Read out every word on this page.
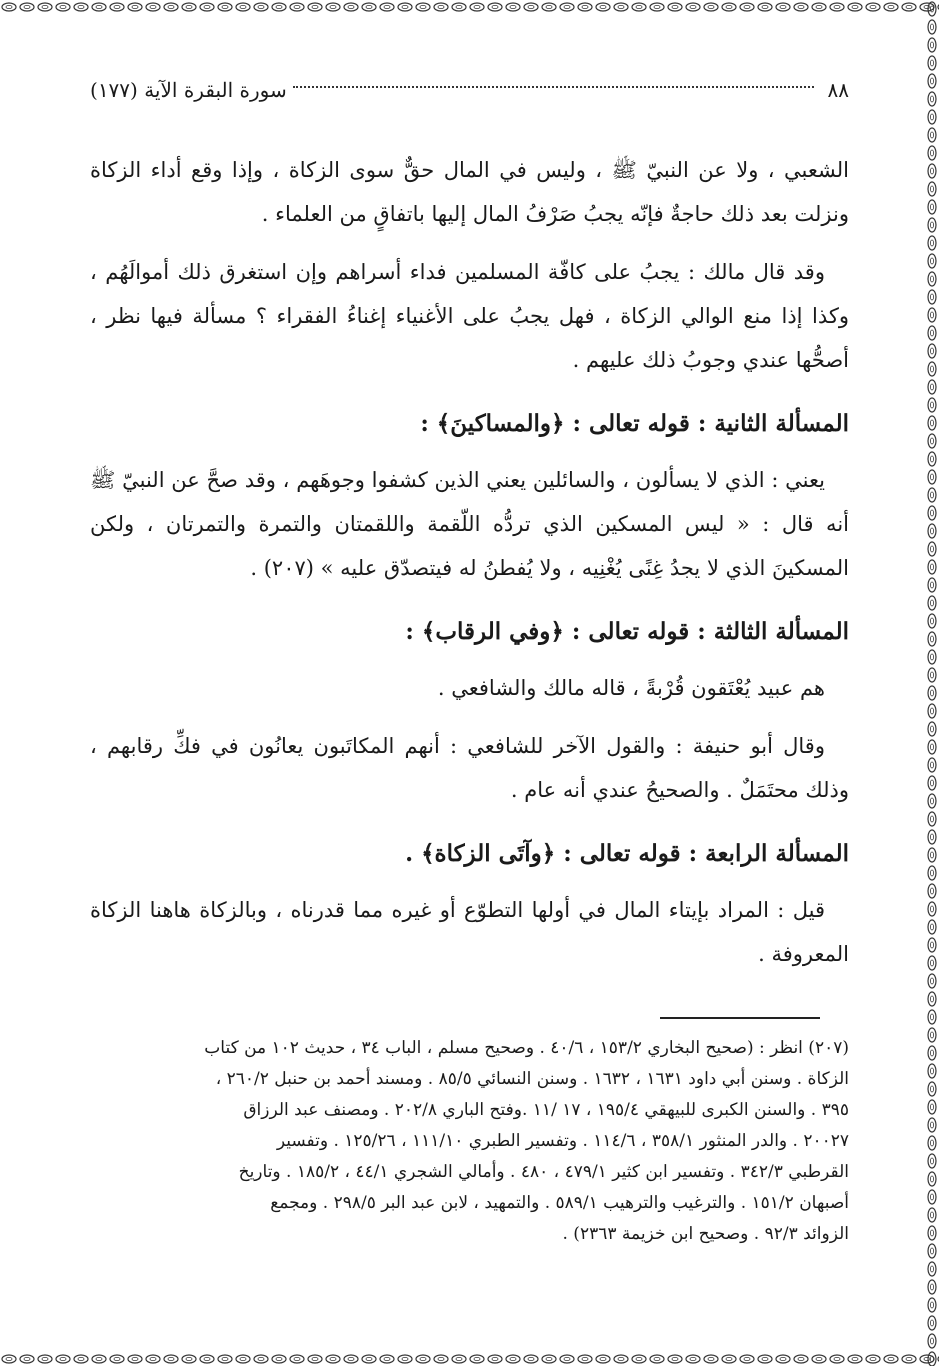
٨٨
سورة البقرة الآية (١٧٧)

الشعبي ، ولا عن النبيّ ﷺ ، وليس في المال حقٌّ سوى الزكاة ، وإذا وقع أداء الزكاة ونزلت بعد ذلك حاجةٌ فإنّه يجبُ صَرْفُ المال إليها باتفاقٍ من العلماء .

وقد قال مالك : يجبُ على كافّة المسلمين فداء أسراهم وإن استغرق ذلك أموالَهُم ، وكذا إذا منع الوالي الزكاة ، فهل يجبُ على الأغنياء إغناءُ الفقراء ؟ مسألة فيها نظر ، أصحُّها عندي وجوبُ ذلك عليهم .

المسألة الثانية : قوله تعالى : ﴿والمساكينَ﴾ :

يعني : الذي لا يسألون ، والسائلين يعني الذين كشفوا وجوهَهم ، وقد صحَّ عن النبيّ ﷺ أنه قال : « ليس المسكين الذي تردُّه اللّقمة واللقمتان والتمرة والتمرتان ، ولكن المسكينَ الذي لا يجدُ غِنًى يُغْنِيه ، ولا يُفطنُ له فيتصدّق عليه » (٢٠٧) .

المسألة الثالثة : قوله تعالى : ﴿وفي الرقاب﴾ :

هم عبيد يُعْتَقون قُرْبةً ، قاله مالك والشافعي .

وقال أبو حنيفة : والقول الآخر للشافعي : أنهم المكاتَبون يعانُون في فكِّ رقابهم ، وذلك محتَمَلٌ . والصحيحُ عندي أنه عام .

المسألة الرابعة : قوله تعالى : ﴿وآتَى الزكاة﴾ .

قيل : المراد بإيتاء المال في أولها التطوّع أو غيره مما قدرناه ، وبالزكاة هاهنا الزكاة المعروفة .

(٢٠٧) انظر : (صحيح البخاري ١٥٣/٢ ، ٤٠/٦ . وصحيح مسلم ، الباب ٣٤ ، حديث ١٠٢ من كتاب

الزكاة . وسنن أبي داود ١٦٣١ ، ١٦٣٢ . وسنن النسائي ٨٥/٥ . ومسند أحمد بن حنبل ٢٦٠/٢ ،

٣٩٥ . والسنن الكبرى للبيهقي ١٩٥/٤ ، ١٧ /١١ .وفتح الباري ٢٠٢/٨ . ومصنف عبد الرزاق

٢٠٠٢٧ . والدر المنثور ٣٥٨/١ ، ١١٤/٦ . وتفسير الطبري ١١١/١٠ ، ١٢٥/٢٦ . وتفسير

القرطبي ٣٤٢/٣ . وتفسير ابن كثير ٤٧٩/١ ، ٤٨٠ . وأمالي الشجري ٤٤/١ ، ١٨٥/٢ . وتاريخ

أصبهان ١٥١/٢ . والترغيب والترهيب ٥٨٩/١ . والتمهيد ، لابن عبد البر ٢٩٨/٥ . ومجمع

الزوائد ٩٢/٣ . وصحيح ابن خزيمة ٢٣٦٣) .
